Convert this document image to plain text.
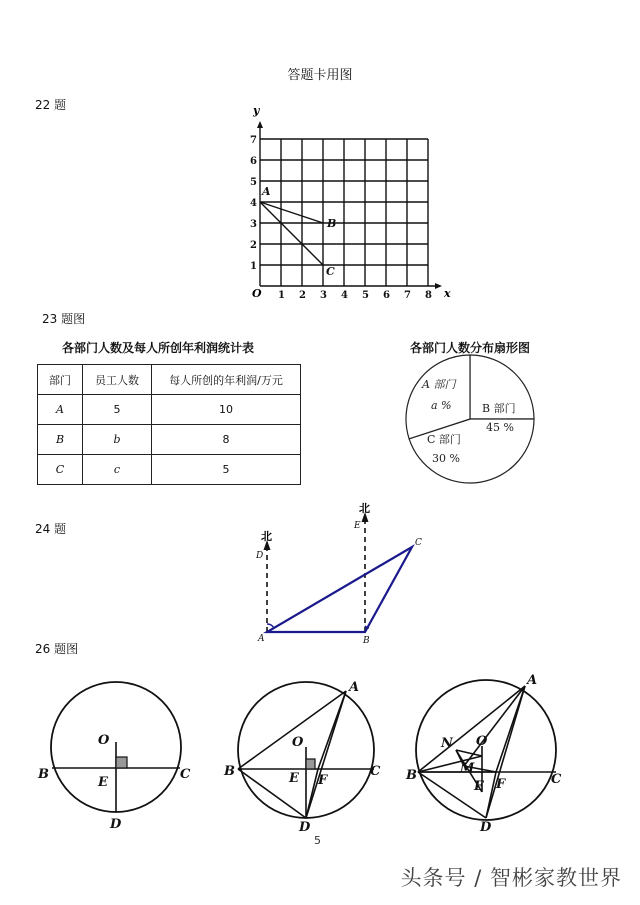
答题卡用图
22 题
1 2 3 4 5 6 7 8
1
2
3
4
5
6
7
A
B
C
y
x
O
23 题图
各部门人数及每人所创年利润统计表
部门	员工人数	每人所创的年利润/万元
A	5	10
B	b	8
C	c	5
各部门人数分布扇形图
A 部门
a %	B 部门
45 %
C 部门
30 %
24 题
北
北
A	B
C
D
E
26 题图
O
B	C
E
D
A
O
B	C
E F
D
A
N O
M
B	C
E F
D
5
头条号 / 智彬家教世界
